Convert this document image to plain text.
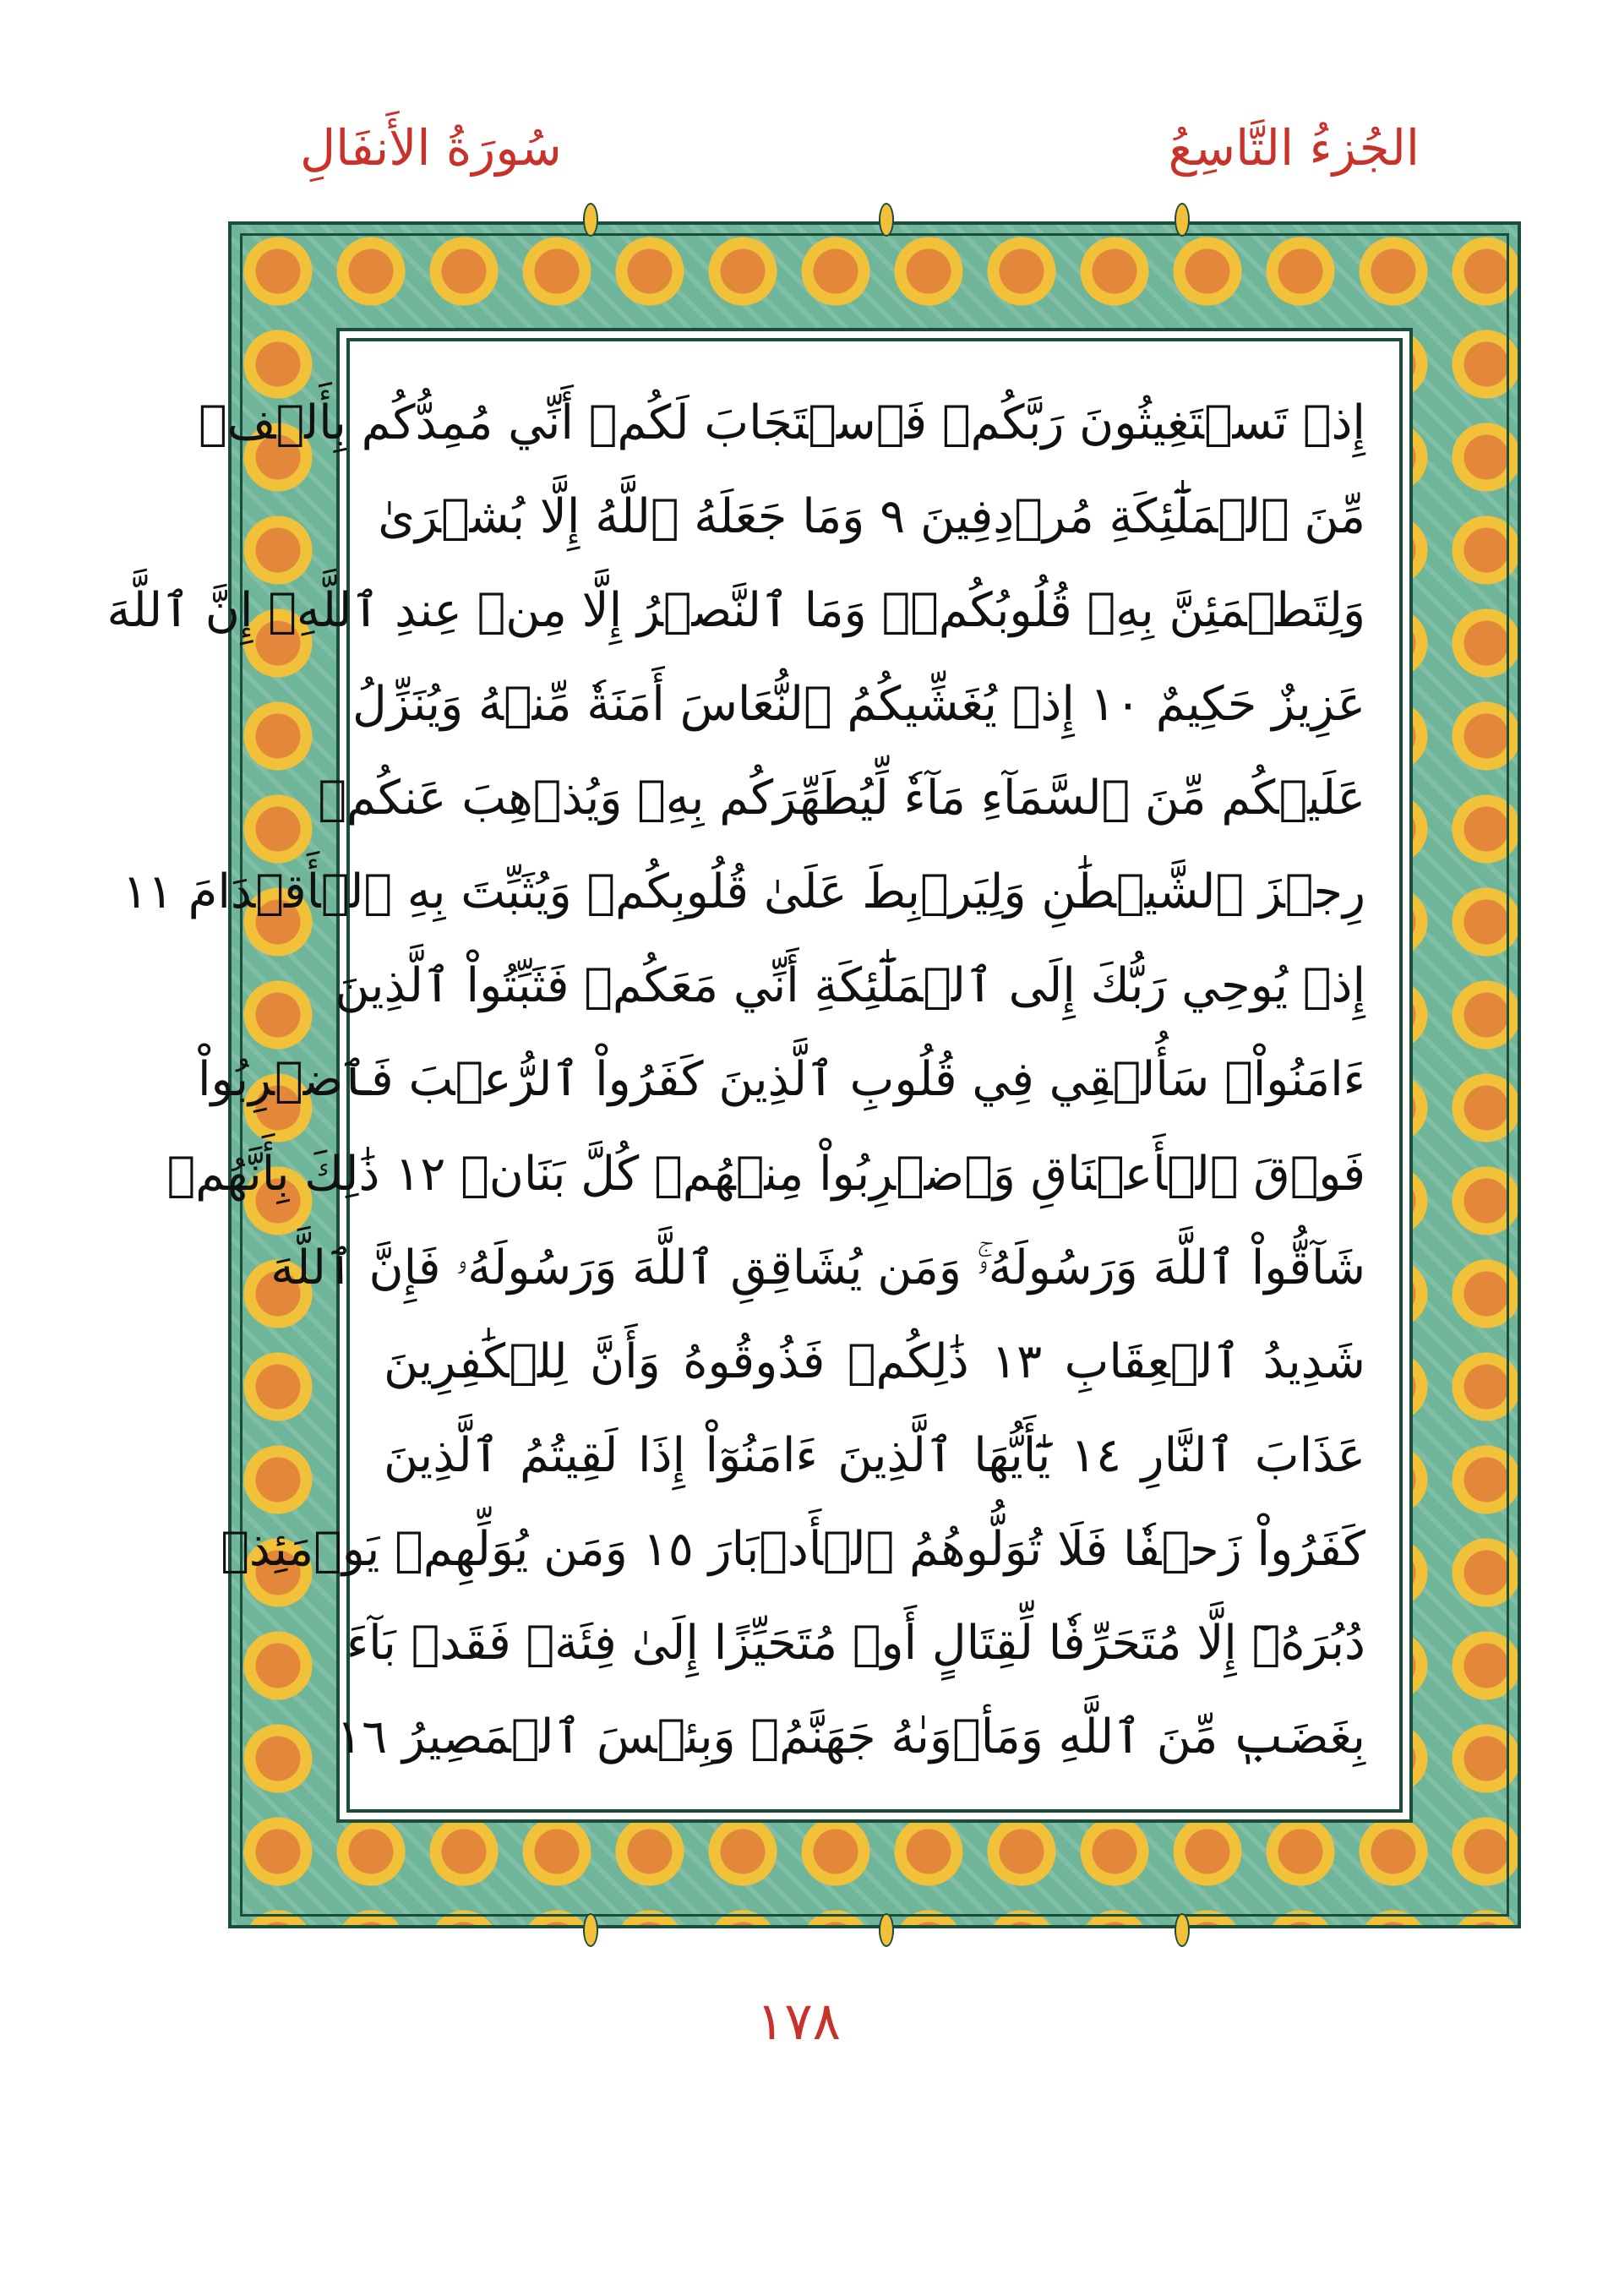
سُورَةُ الأَنفَالِ	الجُزءُ التَّاسِعُ
إِذۡ تَسۡتَغِيثُونَ رَبَّكُمۡ فَٱسۡتَجَابَ لَكُمۡ أَنِّي مُمِدُّكُم بِأَلۡفٖ
مِّنَ ٱلۡمَلَٰٓئِكَةِ مُرۡدِفِينَ ٩ وَمَا جَعَلَهُ ٱللَّهُ إِلَّا بُشۡرَىٰ
وَلِتَطۡمَئِنَّ بِهِۦ قُلُوبُكُمۡۚ وَمَا ٱلنَّصۡرُ إِلَّا مِنۡ عِندِ ٱللَّهِۚ إِنَّ ٱللَّهَ
عَزِيزٌ حَكِيمٌ ١٠ إِذۡ يُغَشِّيكُمُ ٱلنُّعَاسَ أَمَنَةٗ مِّنۡهُ وَيُنَزِّلُ
عَلَيۡكُم مِّنَ ٱلسَّمَآءِ مَآءٗ لِّيُطَهِّرَكُم بِهِۦ وَيُذۡهِبَ عَنكُمۡ
رِجۡزَ ٱلشَّيۡطَٰنِ وَلِيَرۡبِطَ عَلَىٰ قُلُوبِكُمۡ وَيُثَبِّتَ بِهِ ٱلۡأَقۡدَامَ ١١
إِذۡ يُوحِي رَبُّكَ إِلَى ٱلۡمَلَٰٓئِكَةِ أَنِّي مَعَكُمۡ فَثَبِّتُواْ ٱلَّذِينَ
ءَامَنُواْۚ سَأُلۡقِي فِي قُلُوبِ ٱلَّذِينَ كَفَرُواْ ٱلرُّعۡبَ فَٱضۡرِبُواْ
فَوۡقَ ٱلۡأَعۡنَاقِ وَٱضۡرِبُواْ مِنۡهُمۡ كُلَّ بَنَانٖ ١٢ ذَٰلِكَ بِأَنَّهُمۡ
شَآقُّواْ ٱللَّهَ وَرَسُولَهُۥۚ وَمَن يُشَاقِقِ ٱللَّهَ وَرَسُولَهُۥ فَإِنَّ ٱللَّهَ
شَدِيدُ ٱلۡعِقَابِ ١٣ ذَٰلِكُمۡ فَذُوقُوهُ وَأَنَّ لِلۡكَٰفِرِينَ
عَذَابَ ٱلنَّارِ ١٤ يَٰٓأَيُّهَا ٱلَّذِينَ ءَامَنُوٓاْ إِذَا لَقِيتُمُ ٱلَّذِينَ
كَفَرُواْ زَحۡفٗا فَلَا تُوَلُّوهُمُ ٱلۡأَدۡبَارَ ١٥ وَمَن يُوَلِّهِمۡ يَوۡمَئِذٖ
دُبُرَهُۥٓ إِلَّا مُتَحَرِّفٗا لِّقِتَالٍ أَوۡ مُتَحَيِّزًا إِلَىٰ فِئَةٖ فَقَدۡ بَآءَ
بِغَضَبٖ مِّنَ ٱللَّهِ وَمَأۡوَىٰهُ جَهَنَّمُۖ وَبِئۡسَ ٱلۡمَصِيرُ ١٦
١٧٨
